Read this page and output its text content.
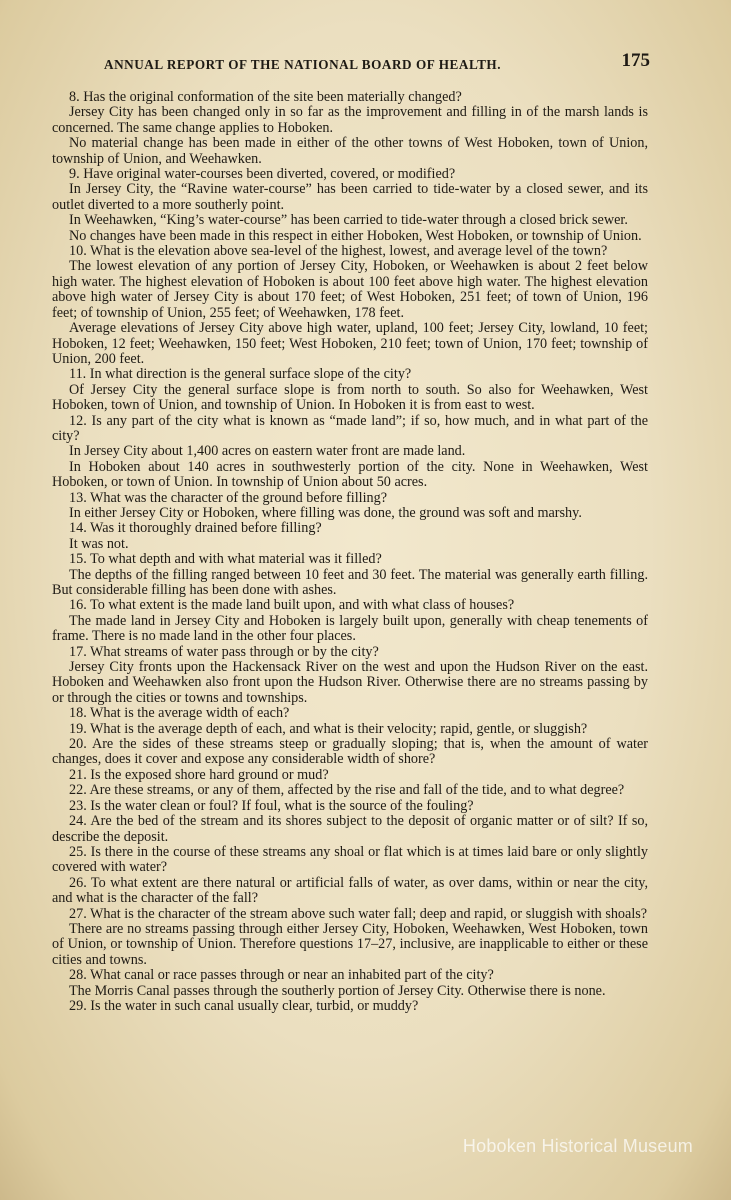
ANNUAL REPORT OF THE NATIONAL BOARD OF HEALTH.	175

8. Has the original conformation of the site been materially changed?

Jersey City has been changed only in so far as the improvement and filling in of the marsh lands is concerned. The same change applies to Hoboken.

No material change has been made in either of the other towns of West Hoboken, town of Union, township of Union, and Weehawken.

9. Have original water-courses been diverted, covered, or modified?

In Jersey City, the “Ravine water-course” has been carried to tide-water by a closed sewer, and its outlet diverted to a more southerly point.

In Weehawken, “King’s water-course” has been carried to tide-water through a closed brick sewer.

No changes have been made in this respect in either Hoboken, West Hoboken, or township of Union.

10. What is the elevation above sea-level of the highest, lowest, and average level of the town?

The lowest elevation of any portion of Jersey City, Hoboken, or Weehawken is about 2 feet below high water. The highest elevation of Hoboken is about 100 feet above high water. The highest elevation above high water of Jersey City is about 170 feet; of West Hoboken, 251 feet; of town of Union, 196 feet; of township of Union, 255 feet; of Weehawken, 178 feet.

Average elevations of Jersey City above high water, upland, 100 feet; Jersey City, lowland, 10 feet; Hoboken, 12 feet; Weehawken, 150 feet; West Hoboken, 210 feet; town of Union, 170 feet; township of Union, 200 feet.

11. In what direction is the general surface slope of the city?

Of Jersey City the general surface slope is from north to south. So also for Weehawken, West Hoboken, town of Union, and township of Union. In Hoboken it is from east to west.

12. Is any part of the city what is known as “made land”; if so, how much, and in what part of the city?

In Jersey City about 1,400 acres on eastern water front are made land.

In Hoboken about 140 acres in southwesterly portion of the city. None in Weehawken, West Hoboken, or town of Union. In township of Union about 50 acres.

13. What was the character of the ground before filling?

In either Jersey City or Hoboken, where filling was done, the ground was soft and marshy.

14. Was it thoroughly drained before filling?

It was not.

15. To what depth and with what material was it filled?

The depths of the filling ranged between 10 feet and 30 feet. The material was generally earth filling. But considerable filling has been done with ashes.

16. To what extent is the made land built upon, and with what class of houses?

The made land in Jersey City and Hoboken is largely built upon, generally with cheap tenements of frame. There is no made land in the other four places.

17. What streams of water pass through or by the city?

Jersey City fronts upon the Hackensack River on the west and upon the Hudson River on the east. Hoboken and Weehawken also front upon the Hudson River. Otherwise there are no streams passing by or through the cities or towns and townships.

18. What is the average width of each?

19. What is the average depth of each, and what is their velocity; rapid, gentle, or sluggish?

20. Are the sides of these streams steep or gradually sloping; that is, when the amount of water changes, does it cover and expose any considerable width of shore?

21. Is the exposed shore hard ground or mud?

22. Are these streams, or any of them, affected by the rise and fall of the tide, and to what degree?

23. Is the water clean or foul? If foul, what is the source of the fouling?

24. Are the bed of the stream and its shores subject to the deposit of organic matter or of silt? If so, describe the deposit.

25. Is there in the course of these streams any shoal or flat which is at times laid bare or only slightly covered with water?

26. To what extent are there natural or artificial falls of water, as over dams, within or near the city, and what is the character of the fall?

27. What is the character of the stream above such water fall; deep and rapid, or sluggish with shoals?

There are no streams passing through either Jersey City, Hoboken, Weehawken, West Hoboken, town of Union, or township of Union. Therefore questions 17–27, inclusive, are inapplicable to either or these cities and towns.

28. What canal or race passes through or near an inhabited part of the city?

The Morris Canal passes through the southerly portion of Jersey City. Otherwise there is none.

29. Is the water in such canal usually clear, turbid, or muddy?

Hoboken Historical Museum
